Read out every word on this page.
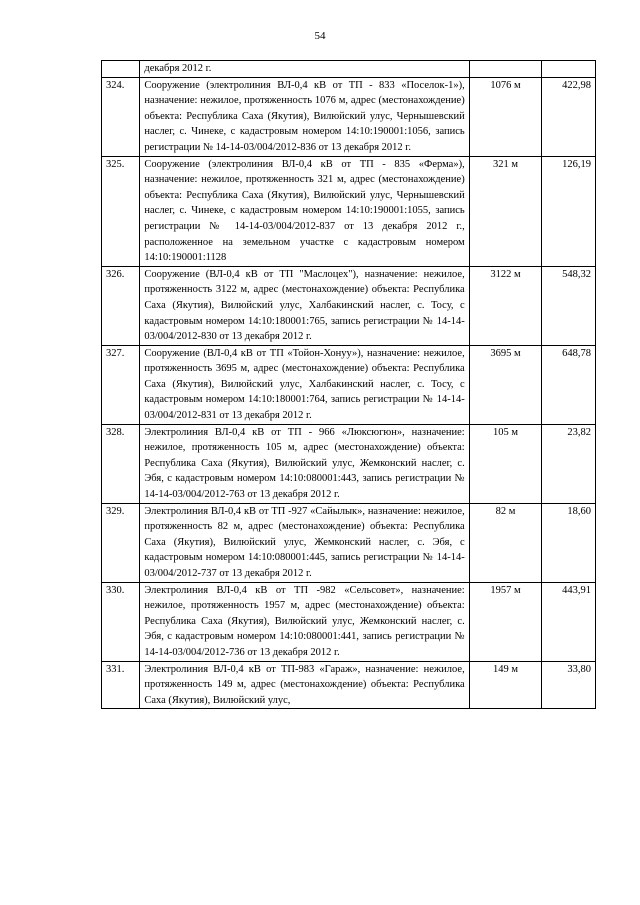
54
	декабря 2012 г.		
324.	Сооружение (электролиния ВЛ-0,4 кВ от ТП - 833 «Поселок-1»), назначение: нежилое, протяженность 1076 м, адрес (местонахождение) объекта: Республика Саха (Якутия), Вилюйский улус, Чернышевский наслег, с. Чинеке, с кадастровым номером 14:10:190001:1056, запись регистрации № 14-14-03/004/2012-836 от 13 декабря 2012 г.	1076 м	422,98
325.	Сооружение (электролиния ВЛ-0,4 кВ от ТП - 835 «Ферма»), назначение: нежилое, протяженность 321 м, адрес (местонахождение) объекта: Республика Саха (Якутия), Вилюйский улус, Чернышевский наслег, с. Чинеке, с кадастровым номером 14:10:190001:1055, запись регистрации № 14-14-03/004/2012-837 от 13 декабря 2012 г., расположенное на земельном участке с кадастровым номером 14:10:190001:1128	321 м	126,19
326.	Сооружение (ВЛ-0,4 кВ от ТП "Маслоцех"), назначение: нежилое, протяженность 3122 м, адрес (местонахождение) объекта: Республика Саха (Якутия), Вилюйский улус, Халбакинский наслег, с. Тосу, с кадастровым номером 14:10:180001:765, запись регистрации № 14-14-03/004/2012-830 от 13 декабря 2012 г.	3122 м	548,32
327.	Сооружение (ВЛ-0,4 кВ от ТП «Тойон-Хонуу»), назначение: нежилое, протяженность 3695 м, адрес (местонахождение) объекта: Республика Саха (Якутия), Вилюйский улус, Халбакинский наслег, с. Тосу, с кадастровым номером 14:10:180001:764, запись регистрации № 14-14-03/004/2012-831 от 13 декабря 2012 г.	3695 м	648,78
328.	Электролиния ВЛ-0,4 кВ от ТП - 966 «Люксюгюн», назначение: нежилое, протяженность 105 м, адрес (местонахождение) объекта: Республика Саха (Якутия), Вилюйский улус, Жемконский наслег, с. Эбя, с кадастровым номером 14:10:080001:443, запись регистрации № 14-14-03/004/2012-763 от 13 декабря 2012 г.	105 м	23,82
329.	Электролиния ВЛ-0,4 кВ от ТП -927 «Сайылык», назначение: нежилое, протяженность 82 м, адрес (местонахождение) объекта: Республика Саха (Якутия), Вилюйский улус, Жемконский наслег, с. Эбя, с кадастровым номером 14:10:080001:445, запись регистрации № 14-14-03/004/2012-737 от 13 декабря 2012 г.	82 м	18,60
330.	Электролиния ВЛ-0,4 кВ от ТП -982 «Сельсовет», назначение: нежилое, протяженность 1957 м, адрес (местонахождение) объекта: Республика Саха (Якутия), Вилюйский улус, Жемконский наслег, с. Эбя, с кадастровым номером 14:10:080001:441, запись регистрации № 14-14-03/004/2012-736 от 13 декабря 2012 г.	1957 м	443,91
331.	Электролиния ВЛ-0,4 кВ от ТП-983 «Гараж», назначение: нежилое, протяженность 149 м, адрес (местонахождение) объекта: Республика Саха (Якутия), Вилюйский улус,	149 м	33,80
